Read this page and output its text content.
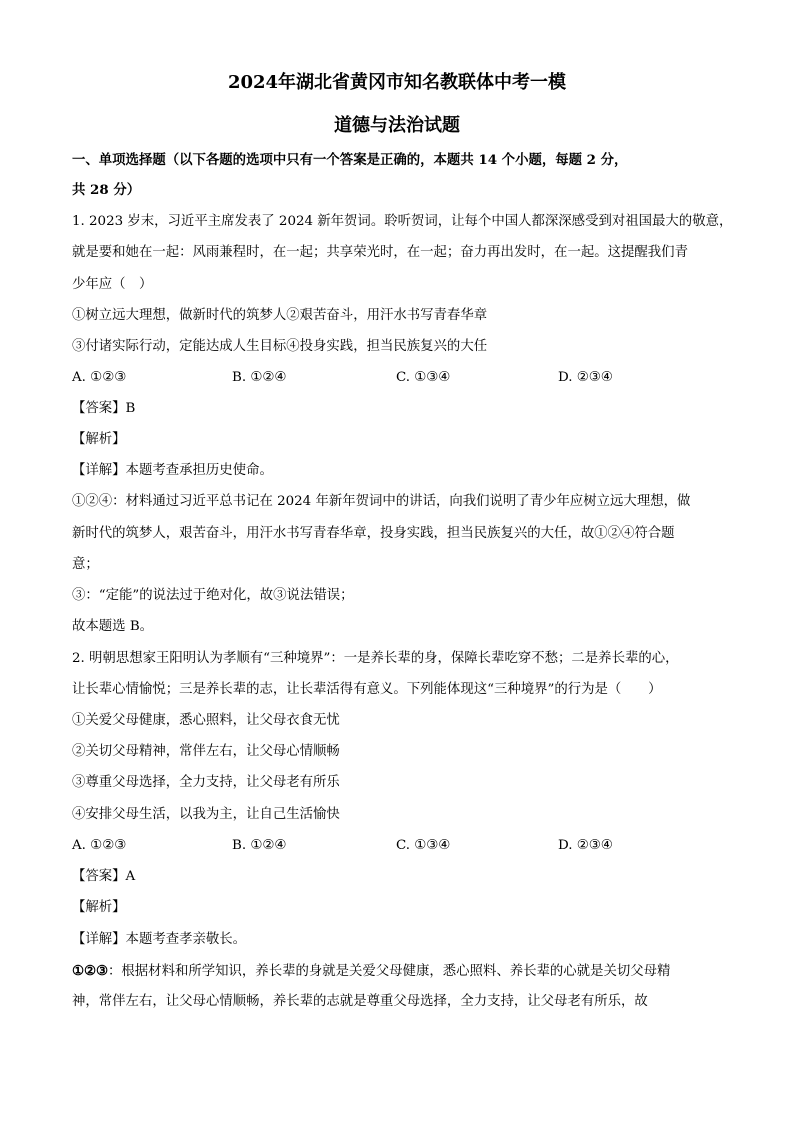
2024年湖北省黄冈市知名教联体中考一模
道德与法治试题

一、单项选择题（以下各题的选项中只有一个答案是正确的，本题共 14 个小题，每题 2 分，

共 28 分）

1. 2023 岁末，习近平主席发表了 2024 新年贺词。聆听贺词，让每个中国人都深深感受到对祖国最大的敬意，

就是要和她在一起：风雨兼程时，在一起；共享荣光时，在一起；奋力再出发时，在一起。这提醒我们青

少年应（　）

①树立远大理想，做新时代的筑梦人②艰苦奋斗，用汗水书写青春华章

③付诸实际行动，定能达成人生目标④投身实践，担当民族复兴的大任

A. ①②③	B. ①②④	C. ①③④	D. ②③④

【答案】B

【解析】

【详解】本题考查承担历史使命。

①②④：材料通过习近平总书记在 2024 年新年贺词中的讲话，向我们说明了青少年应树立远大理想，做

新时代的筑梦人，艰苦奋斗，用汗水书写青春华章，投身实践，担当民族复兴的大任，故①②④符合题

意；

③：“定能”的说法过于绝对化，故③说法错误；

故本题选 B。

2. 明朝思想家王阳明认为孝顺有“三种境界”：一是养长辈的身，保障长辈吃穿不愁；二是养长辈的心，

让长辈心情愉悦；三是养长辈的志，让长辈活得有意义。下列能体现这“三种境界”的行为是（　　）

①关爱父母健康，悉心照料，让父母衣食无忧

②关切父母精神，常伴左右，让父母心情顺畅

③尊重父母选择，全力支持，让父母老有所乐

④安排父母生活，以我为主，让自己生活愉快

A. ①②③	B. ①②④	C. ①③④	D. ②③④

【答案】A

【解析】

【详解】本题考查孝亲敬长。

①②③：根据材料和所学知识，养长辈的身就是关爱父母健康，悉心照料、养长辈的心就是关切父母精

神，常伴左右，让父母心情顺畅，养长辈的志就是尊重父母选择，全力支持，让父母老有所乐，故
